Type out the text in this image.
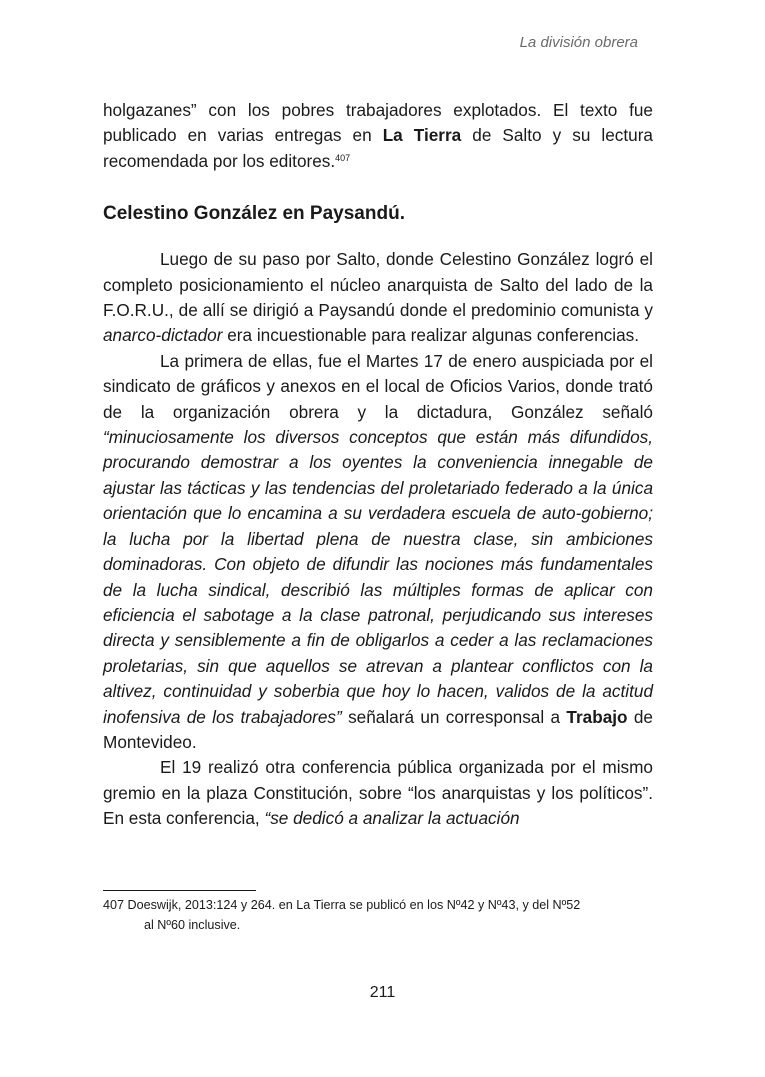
La división obrera

holgazanes” con los pobres trabajadores explotados. El texto fue publicado en varias entregas en La Tierra de Salto y su lectura recomendada por los editores.$^{407}$

Celestino González en Paysandú.

Luego de su paso por Salto, donde Celestino González logró el completo posicionamiento el núcleo anarquista de Salto del lado de la F.O.R.U., de allí se dirigió a Paysandú donde el predominio comunista y anarco-dictador era incuestionable para realizar algunas conferencias.

La primera de ellas, fue el Martes 17 de enero auspiciada por el sindicato de gráficos y anexos en el local de Oficios Varios, donde trató de la organización obrera y la dictadura, González señaló “minuciosamente los diversos conceptos que están más difundidos, procurando demostrar a los oyentes la conveniencia innegable de ajustar las tácticas y las tendencias del proletariado federado a la única orientación que lo encamina a su verdadera escuela de auto-gobierno; la lucha por la libertad plena de nuestra clase, sin ambiciones dominadoras. Con objeto de difundir las nociones más fundamentales de la lucha sindical, describió las múltiples formas de aplicar con eficiencia el sabotage a la clase patronal, perjudicando sus intereses directa y sensiblemente a fin de obligarlos a ceder a las reclamaciones proletarias, sin que aquellos se atrevan a plantear conflictos con la altivez, continuidad y soberbia que hoy lo hacen, validos de la actitud inofensiva de los trabajadores” señalará un corresponsal a Trabajo de Montevideo.

El 19 realizó otra conferencia pública organizada por el mismo gremio en la plaza Constitución, sobre “los anarquistas y los políticos”. En esta conferencia, “se dedicó a analizar la actuación

407 Doeswijk, 2013:124 y 264. en La Tierra se publicó en los Nº42 y Nº43, y del Nº52
al Nº60 inclusive.
211
